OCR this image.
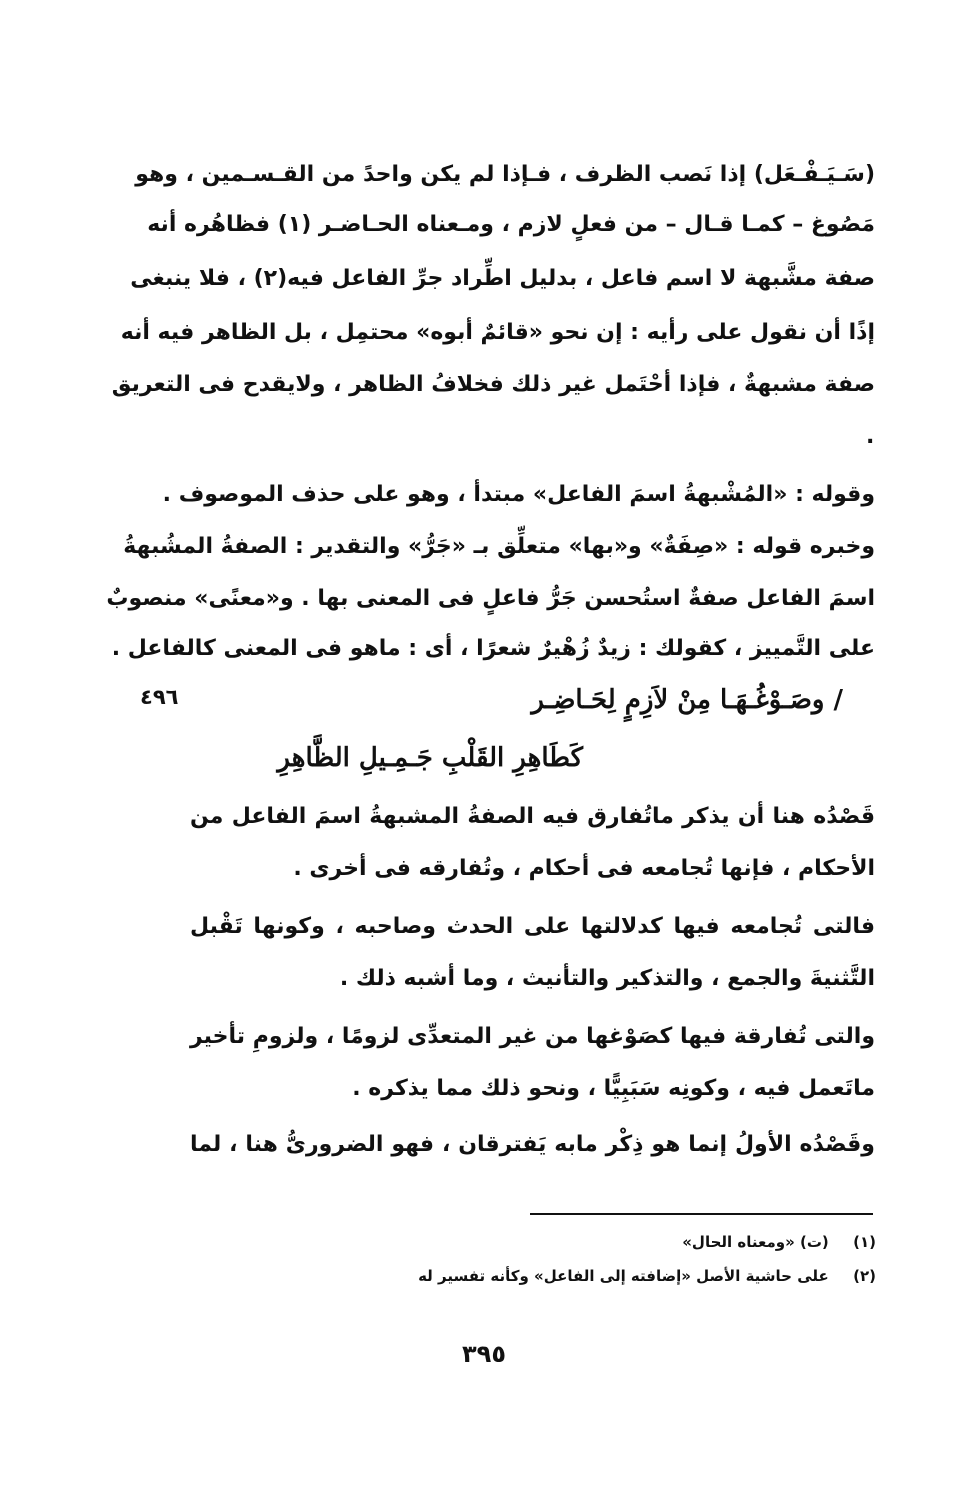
(سَـيَـفْـعَل) إذا نَصب الظرف ، فـإذا لم يكن واحدً من القـسـمين ، وهو
مَصُوغ – كمـا قـال – من فعلٍ لازم ، ومـعناه الحـاضـر (١) فظاهُره أنه
صفة مشَّبهة لا اسم فاعل ، بدليل اطِّراد جرِّ الفاعل فيه(٢) ، فلا ينبغى
إذًا أن نقول على رأيه : إن نحو «قائمٌ أبوه» محتمِل ، بل الظاهر فيه أنه
صفة مشبهةٌ ، فإذا أحْتَمل غير ذلك فخلافُ الظاهر ، ولايقدح فى التعريق
.
وقوله : «المُشْبهةُ اسمَ الفاعل» مبتدأ ، وهو على حذف الموصوف .
وخبره قوله : «صِفَةٌ» و«بها» متعلِّق بـ «جَرُّ» والتقدير : الصفةُ المشُبهةُ
اسمَ الفاعل صفةٌ استُحسن جَرُّ فاعلٍ فى المعنى بها . و«معنًى» منصوبٌ
على التَّمييز ، كقولك : زيدٌ زُهْيرٌ شعرًا ، أى : ماهو فى المعنى كالفاعل .
٤٩٦	/ وصَـوْغُـهَـا مِنْ لاَزِمٍ لِحَـاضِـر
كَطَاهِرِ القَلْبِ جَـمِـيلِ الظَّاهِرِ
قَصْدُه هنا أن يذكر ماتُفارق فيه الصفةُ المشبهةُ اسمَ الفاعل من
الأحكام ، فإنها تُجامعه فى أحكام ، وتُفارقه فى أخرى .
فالتى تُجامعه فيها كدلالتها على الحدث وصاحبه ، وكونها تَقْبل
التَّثنيةَ والجمع ، والتذكير والتأنيث ، وما أشبه ذلك .
والتى تُفارقة فيها كصَوْغها من غير المتعدِّى لزومًا ، ولزومِ تأخير
ماتَعمل فيه ، وكونِه سَبَبِيًّا ، ونحو ذلك مما يذكره .
وقَصْدُه الأولُ إنما هو ذِكْر مابه يَفترقان ، فهو الضرورىُّ هنا ، لما
(١) (ت) «ومعناه الحال»
(٢) على حاشية الأصل «إضافته إلى الفاعل» وكأنه تفسير له
٣٩٥
